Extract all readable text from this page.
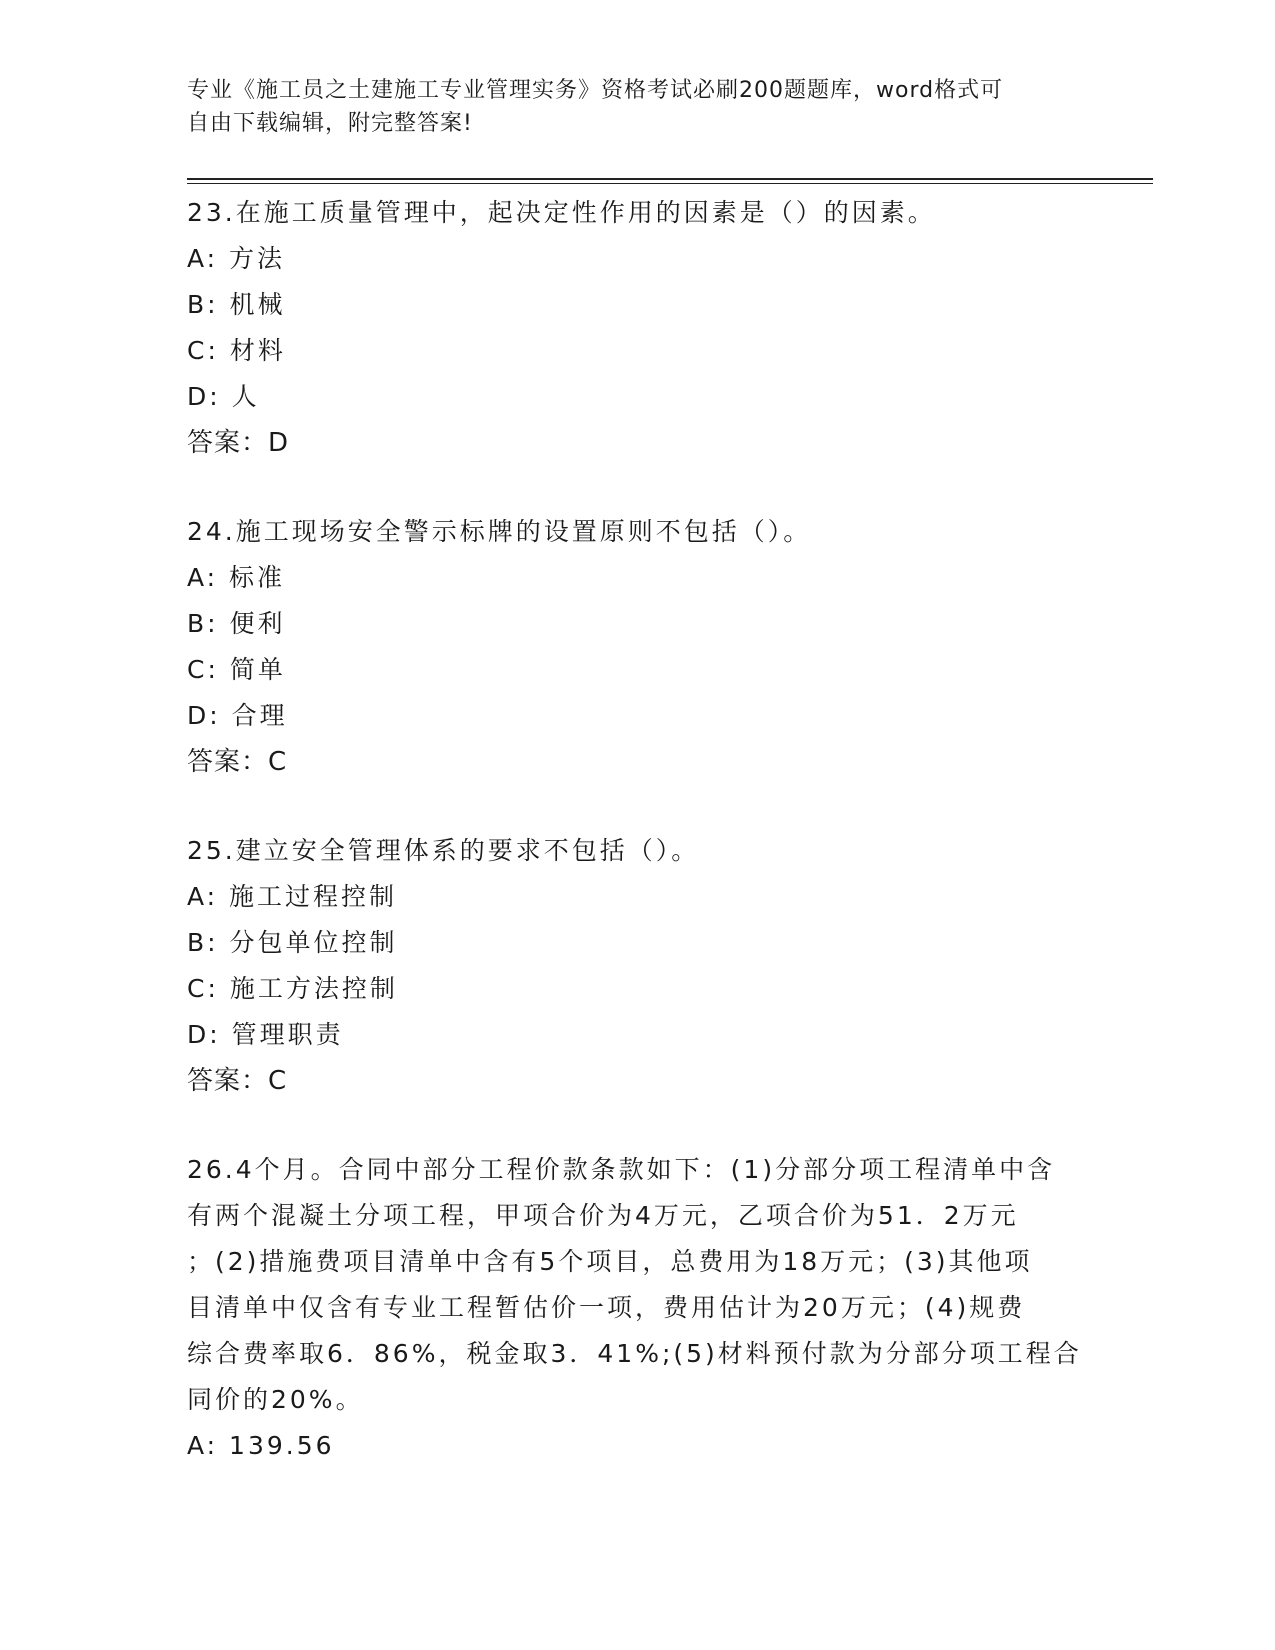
专业《施工员之土建施工专业管理实务》资格考试必刷200题题库，word格式可
自由下载编辑，附完整答案!
23.在施工质量管理中，起决定性作用的因素是（）的因素。
A: 方法
B: 机械
C: 材料
D: 人
答案：D
24.施工现场安全警示标牌的设置原则不包括（）。
A: 标准
B: 便利
C: 简单
D: 合理
答案：C
25.建立安全管理体系的要求不包括（）。
A: 施工过程控制
B: 分包单位控制
C: 施工方法控制
D: 管理职责
答案：C
26.4个月。合同中部分工程价款条款如下：(1)分部分项工程清单中含
有两个混凝土分项工程，甲项合价为4万元，乙项合价为51．2万元
；(2)措施费项目清单中含有5个项目，总费用为18万元；(3)其他项
目清单中仅含有专业工程暂估价一项，费用估计为20万元；(4)规费
综合费率取6．86%，税金取3．41%;(5)材料预付款为分部分项工程合
同价的20%。
A: 139.56
